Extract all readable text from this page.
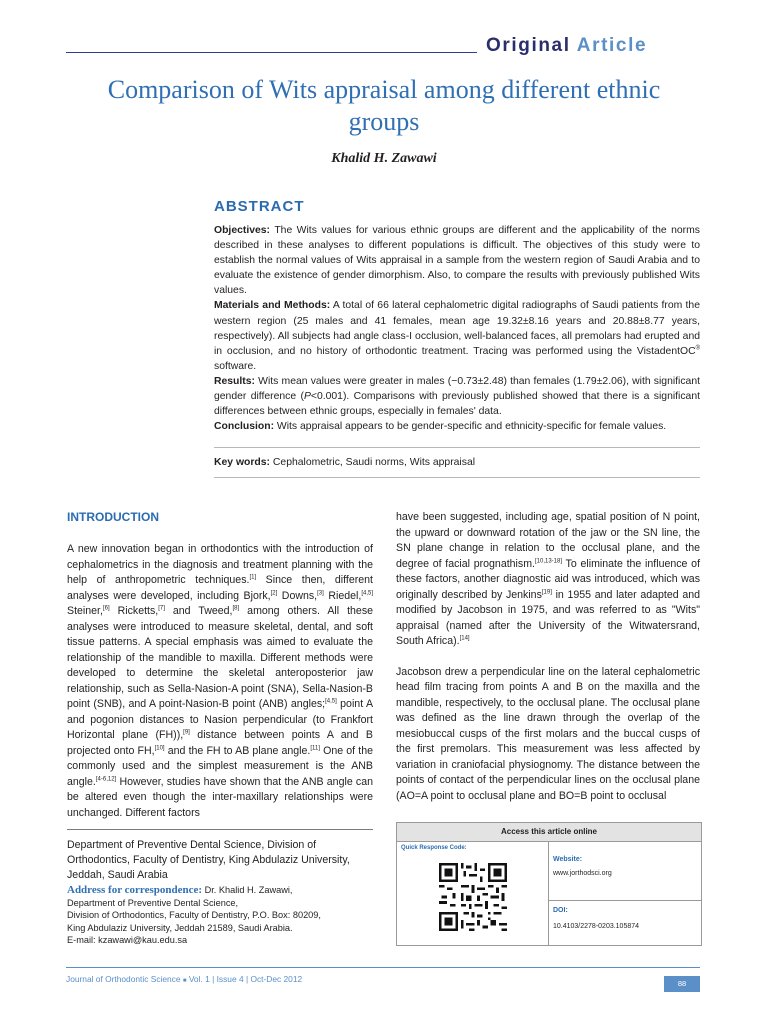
Original Article
Comparison of Wits appraisal among different ethnic groups
Khalid H. Zawawi
ABSTRACT

Objectives: The Wits values for various ethnic groups are different and the applicability of the norms described in these analyses to different populations is difficult. The objectives of this study were to establish the normal values of Wits appraisal in a sample from the western region of Saudi Arabia and to evaluate the existence of gender dimorphism. Also, to compare the results with previously published Wits values.

Materials and Methods: A total of 66 lateral cephalometric digital radiographs of Saudi patients from the western region (25 males and 41 females, mean age 19.32±8.16 years and 20.88±8.77 years, respectively). All subjects had angle class-I occlusion, well-balanced faces, all premolars had erupted and in occlusion, and no history of orthodontic treatment. Tracing was performed using the VistadentOC® software.

Results: Wits mean values were greater in males (−0.73±2.48) than females (1.79±2.06), with significant gender difference (P<0.001). Comparisons with previously published showed that there is a significant differences between ethnic groups, especially in females' data.

Conclusion: Wits appraisal appears to be gender-specific and ethnicity-specific for female values.

Key words: Cephalometric, Saudi norms, Wits appraisal
INTRODUCTION

A new innovation began in orthodontics with the introduction of cephalometrics in the diagnosis and treatment planning with the help of anthropometric techniques.[1] Since then, different analyses were developed, including Bjork,[2] Downs,[3] Riedel,[4,5] Steiner,[6] Ricketts,[7] and Tweed,[8] among others. All these analyses were introduced to measure skeletal, dental, and soft tissue patterns. A special emphasis was aimed to evaluate the relationship of the mandible to maxilla. Different methods were developed to determine the skeletal anteroposterior jaw relationship, such as Sella-Nasion-A point (SNA), Sella-Nasion-B point (SNB), and A point-Nasion-B point (ANB) angles;[4,5] point A and pogonion distances to Nasion perpendicular (to Frankfort Horizontal plane (FH)),[9] distance between points A and B projected onto FH,[10] and the FH to AB plane angle.[11] One of the commonly used and the simplest measurement is the ANB angle.[4-6,12] However, studies have shown that the ANB angle can be altered even though the inter-maxillary relationships were unchanged. Different factors

have been suggested, including age, spatial position of N point, the upward or downward rotation of the jaw or the SN line, the SN plane change in relation to the occlusal plane, and the degree of facial prognathism.[10,13-18] To eliminate the influence of these factors, another diagnostic aid was introduced, which was originally described by Jenkins[19] in 1955 and later adapted and modified by Jacobson in 1975, and was referred to as "Wits" appraisal (named after the University of the Witwatersrand, South Africa).[14]

Jacobson drew a perpendicular line on the lateral cephalometric head film tracing from points A and B on the maxilla and the mandible, respectively, to the occlusal plane. The occlusal plane was defined as the line drawn through the overlap of the mesiobuccal cusps of the first molars and the buccal cusps of the first premolars. This measurement was less affected by variation in craniofacial physiognomy. The distance between the points of contact of the perpendicular lines on the occlusal plane (AO=A point to occlusal plane and BO=B point to occlusal

Department of Preventive Dental Science, Division of Orthodontics, Faculty of Dentistry, King Abdulaziz University, Jeddah, Saudi Arabia
Address for correspondence: Dr. Khalid H. Zawawi,
Department of Preventive Dental Science,
Division of Orthodontics, Faculty of Dentistry, P.O. Box: 80209,
King Abdulaziz University, Jeddah 21589, Saudi Arabia.
E-mail: kzawawi@kau.edu.sa
Access this article online
Quick Response Code:
Website:
www.jorthodsci.org
DOI:
10.4103/2278-0203.105874
Journal of Orthodontic Science ■ Vol. 1 | Issue 4 | Oct-Dec 2012	88
